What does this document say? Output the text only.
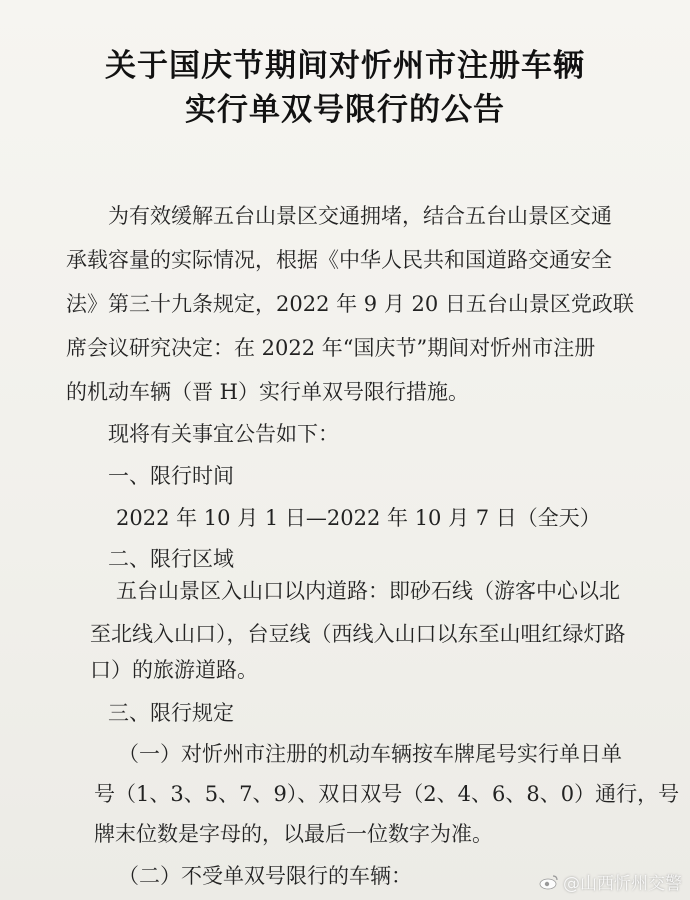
关于国庆节期间对忻州市注册车辆
实行单双号限行的公告
为有效缓解五台山景区交通拥堵，结合五台山景区交通
承载容量的实际情况，根据《中华人民共和国道路交通安全
法》第三十九条规定，2022 年 9 月 20 日五台山景区党政联
席会议研究决定：在 2022 年“国庆节”期间对忻州市注册
的机动车辆（晋 H）实行单双号限行措施。
现将有关事宜公告如下：
一、限行时间
2022 年 10 月 1 日—2022 年 10 月 7 日（全天）
二、限行区域
五台山景区入山口以内道路：即砂石线（游客中心以北
至北线入山口），台豆线（西线入山口以东至山咀红绿灯路
口）的旅游道路。
三、限行规定
（一）对忻州市注册的机动车辆按车牌尾号实行单日单
号（1、3、5、7、9）、双日双号（2、4、6、8、0）通行，号
牌末位数是字母的，以最后一位数字为准。
（二）不受单双号限行的车辆：	@山西忻州交警
